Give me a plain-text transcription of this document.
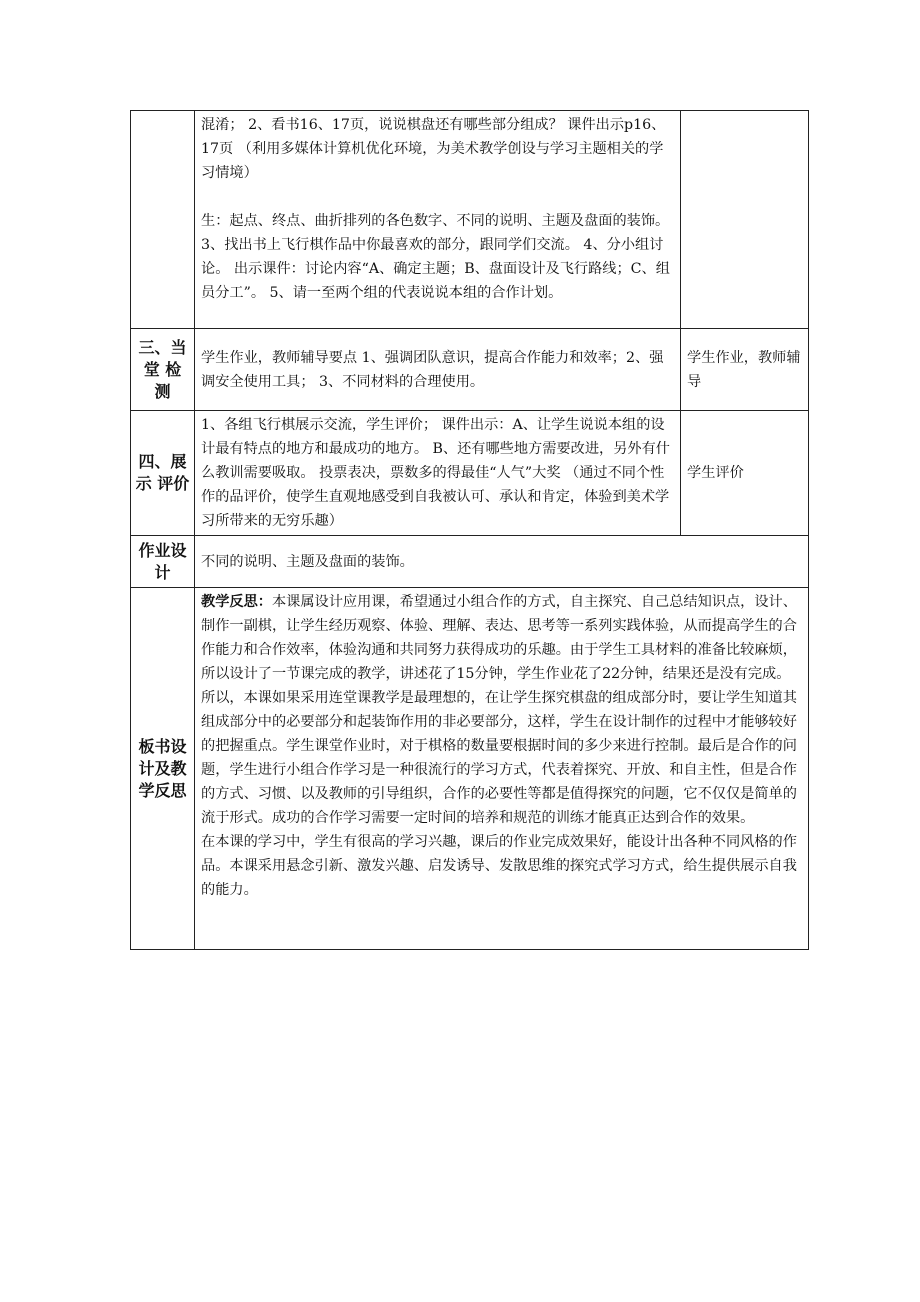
	混淆； 2、看书16、17页，说说棋盘还有哪些部分组成？ 课件出示p16、17页 （利用多媒体计算机优化环境，为美术教学创设与学习主题相关的学习情境）

生：起点、终点、曲折排列的各色数字、不同的说明、主题及盘面的装饰。 3、找出书上飞行棋作品中你最喜欢的部分，跟同学们交流。 4、分小组讨论。 出示课件：讨论内容“A、确定主题；B、盘面设计及飞行路线；C、组员分工”。 5、请一至两个组的代表说说本组的合作计划。	

三、当 堂 检 测	学生作业，教师辅导要点 1、强调团队意识，提高合作能力和效率；2、强调安全使用工具； 3、不同材料的合理使用。	学生作业，教师辅导
四、展 示 评价	1、各组飞行棋展示交流，学生评价； 课件出示：A、让学生说说本组的设计最有特点的地方和最成功的地方。 B、还有哪些地方需要改进，另外有什么教训需要吸取。 投票表决，票数多的得最佳“人气”大奖 （通过不同个性作的品评价，使学生直观地感受到自我被认可、承认和肯定，体验到美术学习所带来的无穷乐趣）	学生评价
作业设计	不同的说明、主题及盘面的装饰。	
板书设计及教学反思	教学反思：本课属设计应用课，希望通过小组合作的方式，自主探究、自己总结知识点，设计、制作一副棋，让学生经历观察、体验、理解、表达、思考等一系列实践体验，从而提高学生的合作能力和合作效率，体验沟通和共同努力获得成功的乐趣。由于学生工具材料的准备比较麻烦，所以设计了一节课完成的教学，讲述花了15分钟，学生作业花了22分钟，结果还是没有完成。所以，本课如果采用连堂课教学是最理想的，在让学生探究棋盘的组成部分时，要让学生知道其组成部分中的必要部分和起装饰作用的非必要部分，这样，学生在设计制作的过程中才能够较好的把握重点。学生课堂作业时，对于棋格的数量要根据时间的多少来进行控制。最后是合作的问题，学生进行小组合作学习是一种很流行的学习方式，代表着探究、开放、和自主性，但是合作的方式、习惯、以及教师的引导组织，合作的必要性等都是值得探究的问题，它不仅仅是简单的流于形式。成功的合作学习需要一定时间的培养和规范的训练才能真正达到合作的效果。

在本课的学习中，学生有很高的学习兴趣，课后的作业完成效果好，能设计出各种不同风格的作品。本课采用悬念引新、激发兴趣、启发诱导、发散思维的探究式学习方式，给生提供展示自我的能力。	
